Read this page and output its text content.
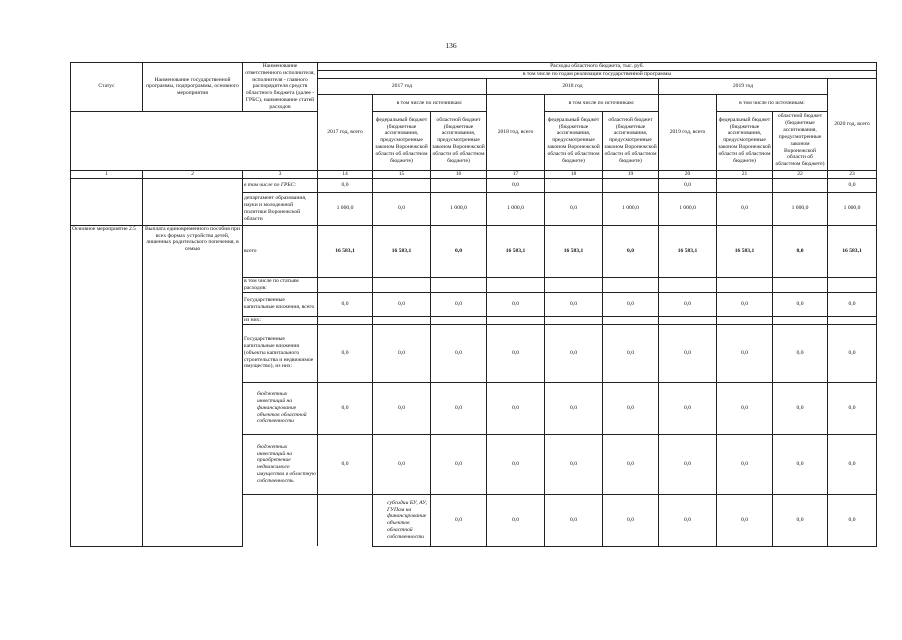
136
Статус	Наименование государственной программы, подпрограммы, основного мероприятия	Наименование ответственного исполнителя, исполнителя - главного распорядителя средств областного бюджета (далее - ГРБС), наименование статей расходов	Расходы областного бюджета, тыс. руб.										
			в том числе по годам реализации государственной программы										
			2017 год			2018 год			2019 год			2020 год, всего	
			2017 год, всего	в том числе по источникам:		2018 год, всего	в том числе по источникам:		2019 год, всего	в том числе по источникам:			
				федеральный бюджет (бюджетные ассигнования, предусмотренные законом Воронежской области об областном бюджете)	областной бюджет (бюджетные ассигнования, предусмотренные законом Воронежской области об областном бюджете)		федеральный бюджет (бюджетные ассигнования, предусмотренные законом Воронежской области об областном бюджете)	областной бюджет (бюджетные ассигнования, предусмотренные законом Воронежской области об областном бюджете)		федеральный бюджет (бюджетные ассигнования, предусмотренные законом Воронежской области об областном бюджете)	областной бюджет (бюджетные ассигнования, предусмотренные законом Воронежской области об областном бюджете)		
1	2	3	14	15	16	17	18	19	20	21	22	23	
		в том числе по ГРБС:	0,0			0,0			0,0			0,0	
		департамент образования, науки и молодежной политики Воронежской области	1 000,0	0,0	1 000,0	1 000,0	0,0	1 000,0	1 000,0	0,0	1 000,0	1 000,0	
Основное мероприятие 2.5	Выплата единовременного пособия при всех формах устройства детей, лишенных родительского попечения, в семью	всего	16 583,1	16 583,1	0,0	16 583,1	16 583,1	0,0	16 583,1	16 583,1	0,0	16 583,1	
		в том числе по статьям расходов:											
		Государственные капитальные вложения, всего	0,0	0,0	0,0	0,0	0,0	0,0	0,0	0,0	0,0	0,0	
		из них:											
		Государственные капитальные вложения (объекты капитального строительства и недвижимое имущество), из них:	0,0	0,0	0,0	0,0	0,0	0,0	0,0	0,0	0,0	0,0	
		бюджетных инвестиций на финансирование объектов областной собственности	0,0	0,0	0,0	0,0	0,0	0,0	0,0	0,0	0,0	0,0	
		бюджетных инвестиций на приобретение недвижимого имущества в областную собственность	0,0	0,0	0,0	0,0	0,0	0,0	0,0	0,0	0,0	0,0	
				субсидии БУ, АУ, ГУПам на финансирование объектов областной собственности	0,0	0,0	0,0	0,0	0,0	0,0	0,0	0,0		
